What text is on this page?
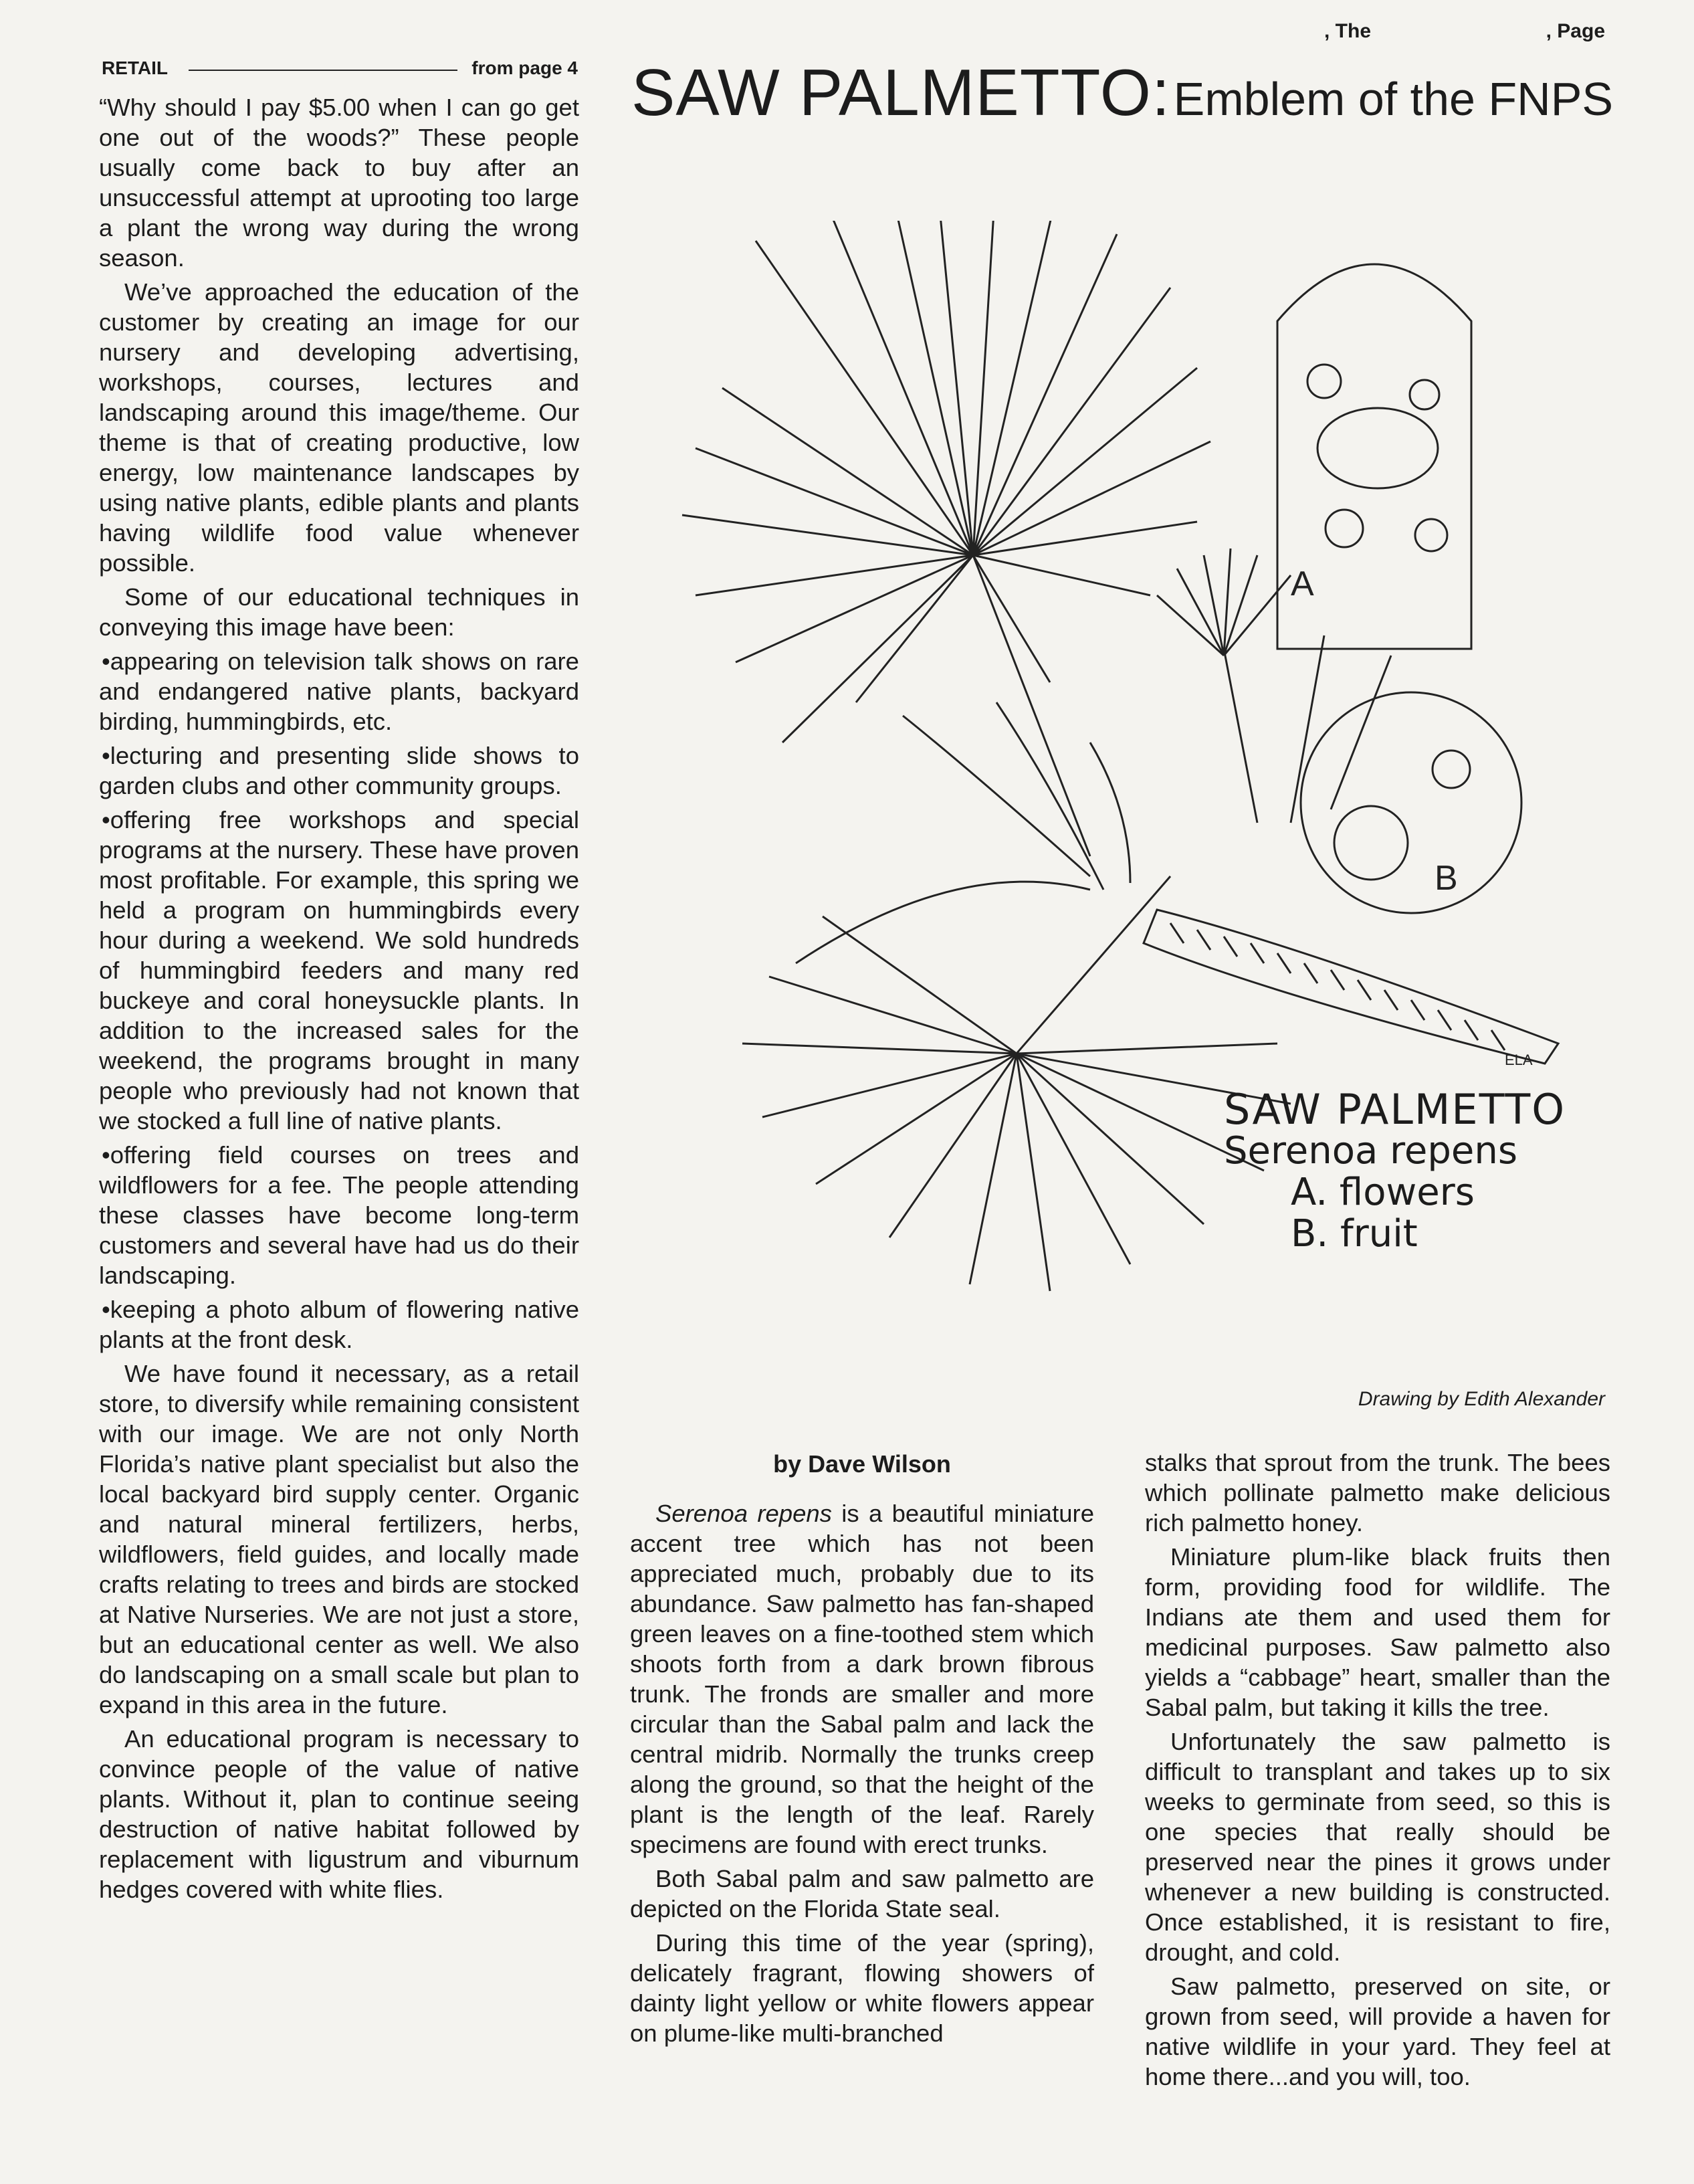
, The	, Page
SAW PALMETTO: Emblem of the FNPS
RETAIL	from page 4

“Why should I pay $5.00 when I can go get one out of the woods?” These people usually come back to buy after an unsuccessful attempt at uprooting too large a plant the wrong way during the wrong season.

We’ve approached the education of the customer by creating an image for our nursery and developing advertising, workshops, courses, lectures and landscaping around this image/theme. Our theme is that of creating productive, low energy, low maintenance landscapes by using native plants, edible plants and plants having wildlife food value whenever possible.

Some of our educational techniques in conveying this image have been:

•appearing on television talk shows on rare and endangered native plants, backyard birding, hummingbirds, etc.

•lecturing and presenting slide shows to garden clubs and other community groups.

•offering free workshops and special programs at the nursery. These have proven most profitable. For example, this spring we held a program on hummingbirds every hour during a weekend. We sold hundreds of hummingbird feeders and many red buckeye and coral honeysuckle plants. In addition to the increased sales for the weekend, the programs brought in many people who previously had not known that we stocked a full line of native plants.

•offering field courses on trees and wildflowers for a fee. The people attending these classes have become long-term customers and several have had us do their landscaping.

•keeping a photo album of flowering native plants at the front desk.

We have found it necessary, as a retail store, to diversify while remaining consistent with our image. We are not only North Florida’s native plant specialist but also the local backyard bird supply center. Organic and natural mineral fertilizers, herbs, wildflowers, field guides, and locally made crafts relating to trees and birds are stocked at Native Nurseries. We are not just a store, but an educational center as well. We also do landscaping on a small scale but plan to expand in this area in the future.

An educational program is necessary to convince people of the value of native plants. Without it, plan to continue seeing destruction of native habitat followed by replacement with ligustrum and viburnum hedges covered with white flies.

A
B
ELA
SAW PALMETTO
Serenoa repens
A. flowers
B. fruit
Drawing by Edith Alexander
by Dave Wilson

Serenoa repens is a beautiful miniature accent tree which has not been appreciated much, probably due to its abundance. Saw palmetto has fan-shaped green leaves on a fine-toothed stem which shoots forth from a dark brown fibrous trunk. The fronds are smaller and more circular than the Sabal palm and lack the central midrib. Normally the trunks creep along the ground, so that the height of the plant is the length of the leaf. Rarely specimens are found with erect trunks.

Both Sabal palm and saw palmetto are depicted on the Florida State seal.

During this time of the year (spring), delicately fragrant, flowing showers of dainty light yellow or white flowers appear on plume-like multi-branched

stalks that sprout from the trunk. The bees which pollinate palmetto make delicious rich palmetto honey.

Miniature plum-like black fruits then form, providing food for wildlife. The Indians ate them and used them for medicinal purposes. Saw palmetto also yields a “cabbage” heart, smaller than the Sabal palm, but taking it kills the tree.

Unfortunately the saw palmetto is difficult to transplant and takes up to six weeks to germinate from seed, so this is one species that really should be preserved near the pines it grows under whenever a new building is constructed. Once established, it is resistant to fire, drought, and cold.

Saw palmetto, preserved on site, or grown from seed, will provide a haven for native wildlife in your yard. They feel at home there...and you will, too.
